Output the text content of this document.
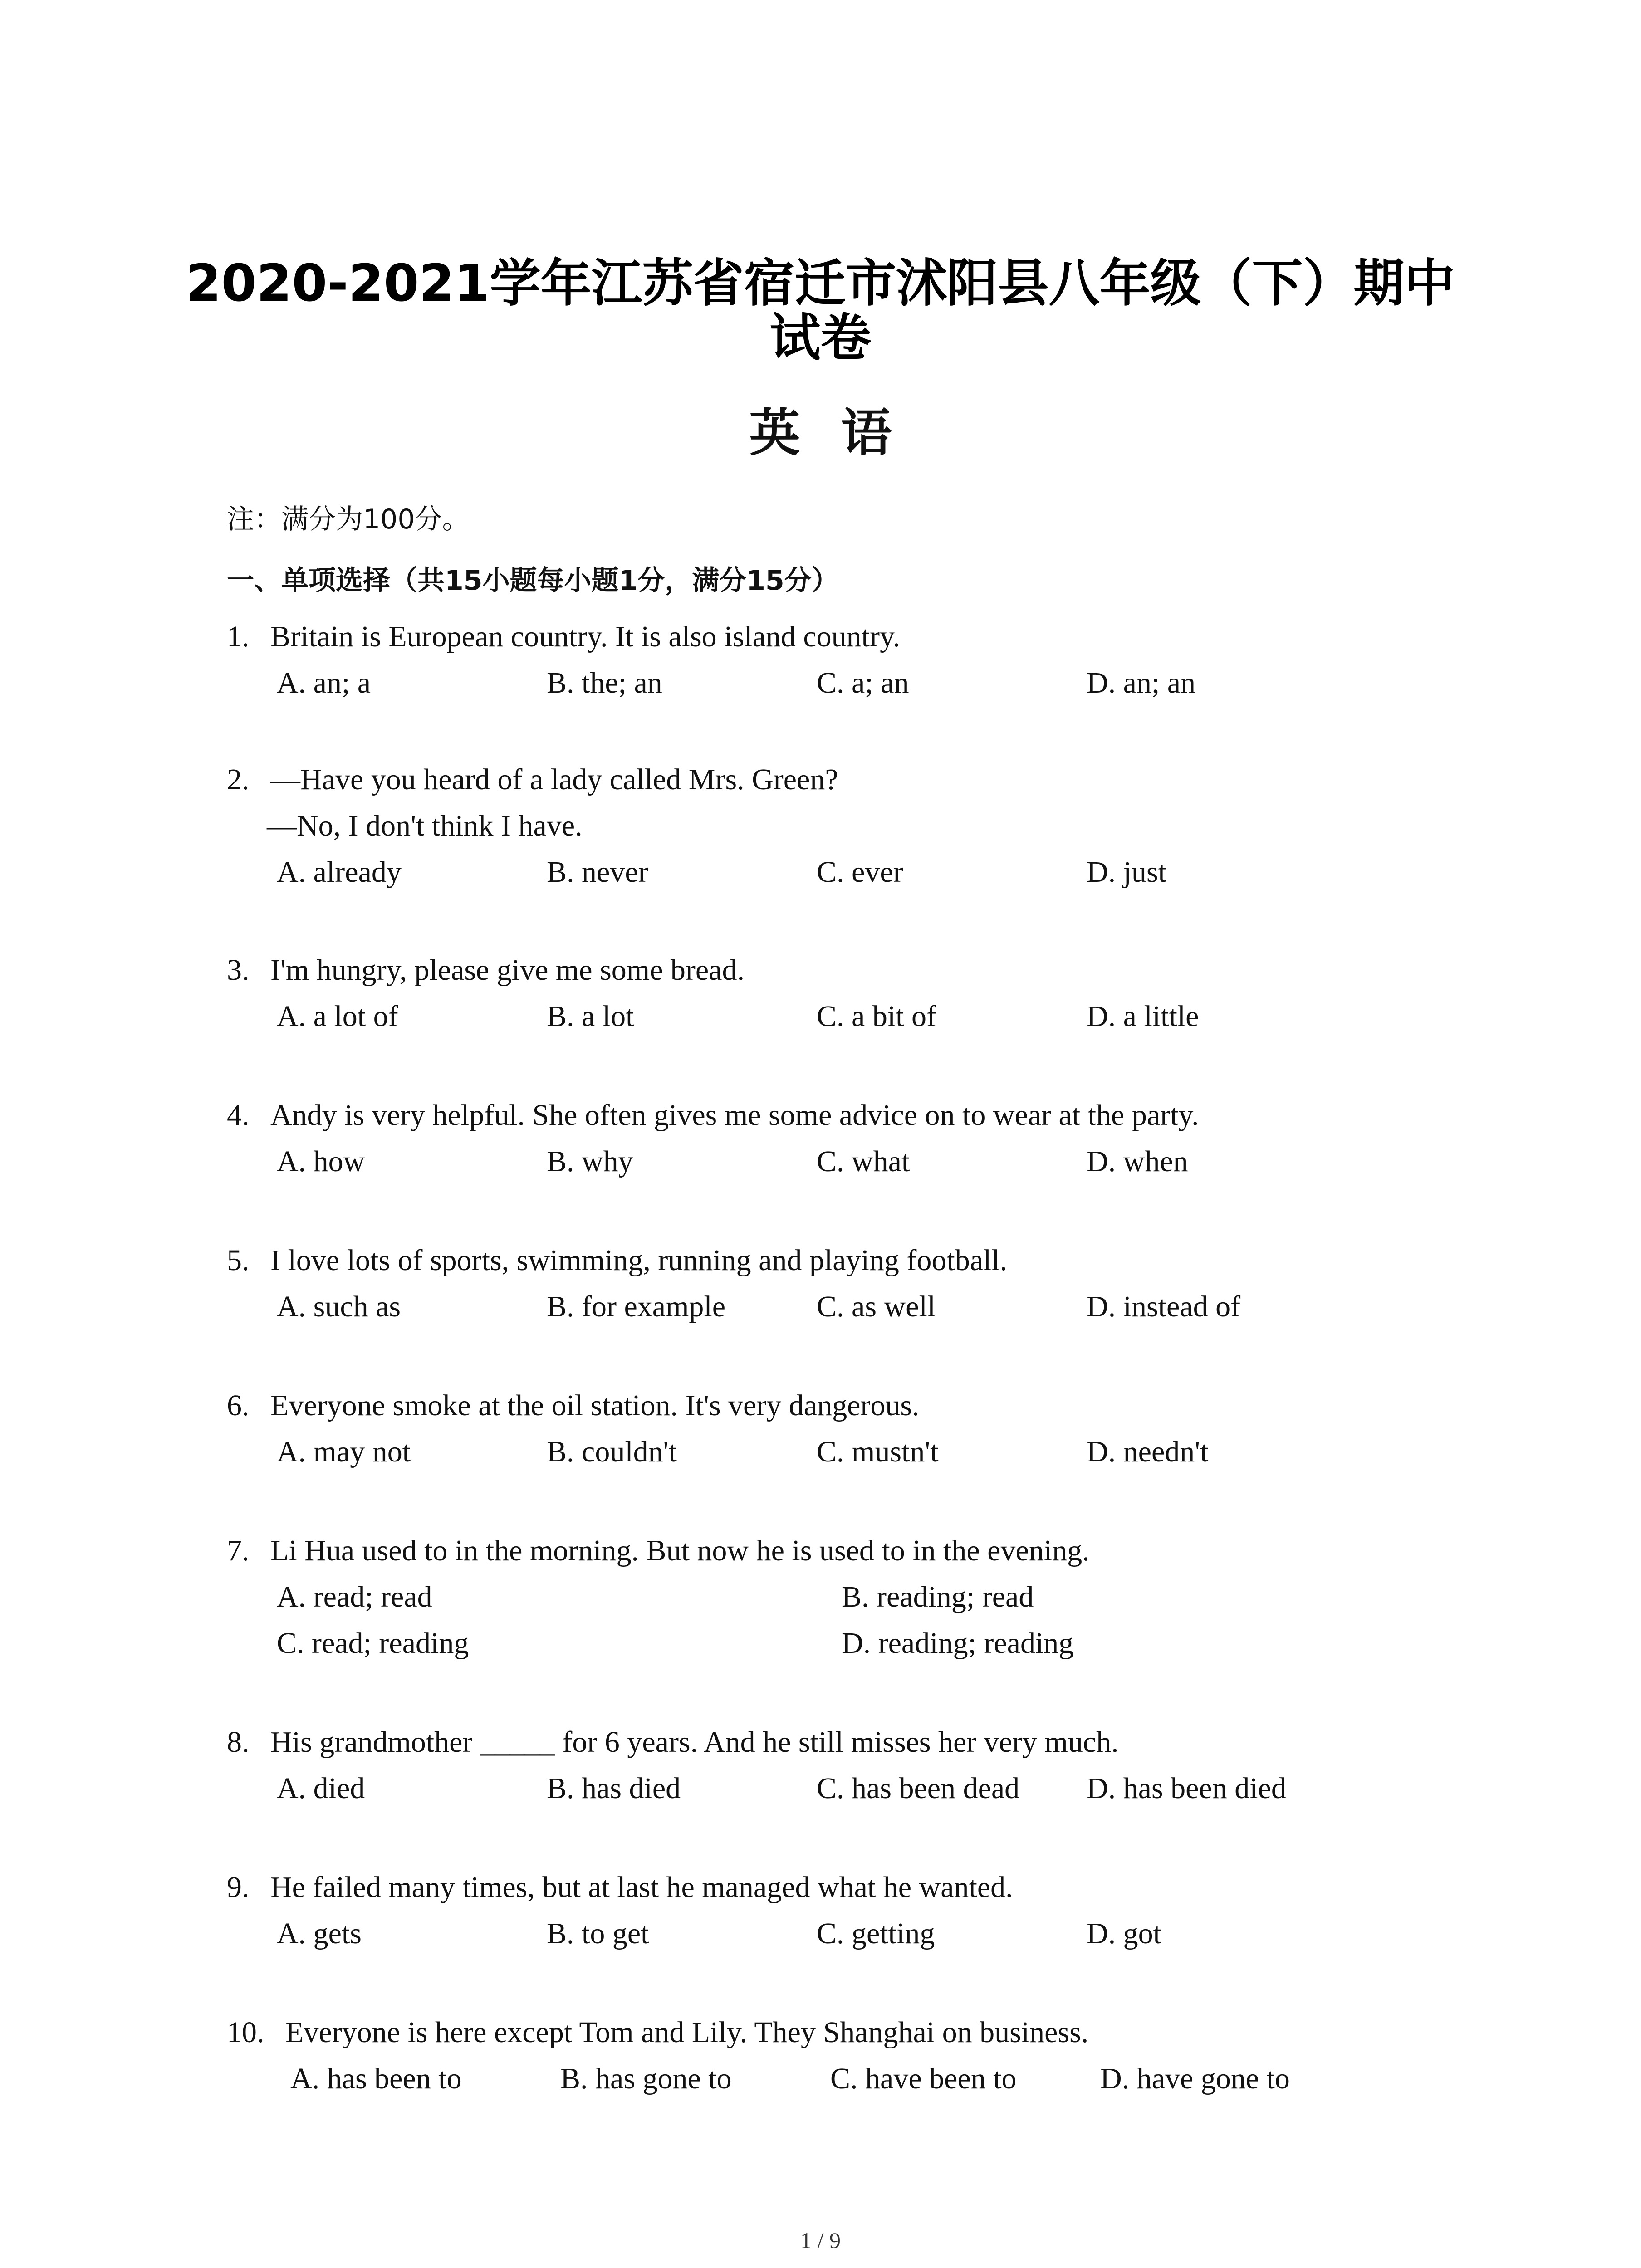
2020-2021学年江苏省宿迁市沭阳县八年级（下）期中
试卷
英语
注：满分为100分。
一、单项选择（共15小题每小题1分，满分15分）
1. Britain is European country. It is also island country.
A. an; a	B. the; an	C. a; an	D. an; an
2. —Have you heard of a lady called Mrs. Green?
—No, I don't think I have.
A. already	B. never	C. ever	D. just
3. I'm hungry, please give me some bread.
A. a lot of	B. a lot	C. a bit of	D. a little
4. Andy is very helpful. She often gives me some advice on to wear at the party.
A. how	B. why	C. what	D. when
5. I love lots of sports, swimming, running and playing football.
A. such as	B. for example	C. as well	D. instead of
6. Everyone smoke at the oil station. It's very dangerous.
A. may not	B. couldn't	C. mustn't	D. needn't
7. Li Hua used to in the morning. But now he is used to in the evening.
A. read; read	B. reading; read
C. read; reading	D. reading; reading
8. His grandmother _____ for 6 years. And he still misses her very much.
A. died	B. has died	C. has been dead D. has been died
9. He failed many times, but at last he managed what he wanted.
A. gets	B. to get	C. getting	D. got
10. Everyone is here except Tom and Lily. They Shanghai on business.
A. has been to	B. has gone to	C. have been to	D. have gone to
1 / 9
